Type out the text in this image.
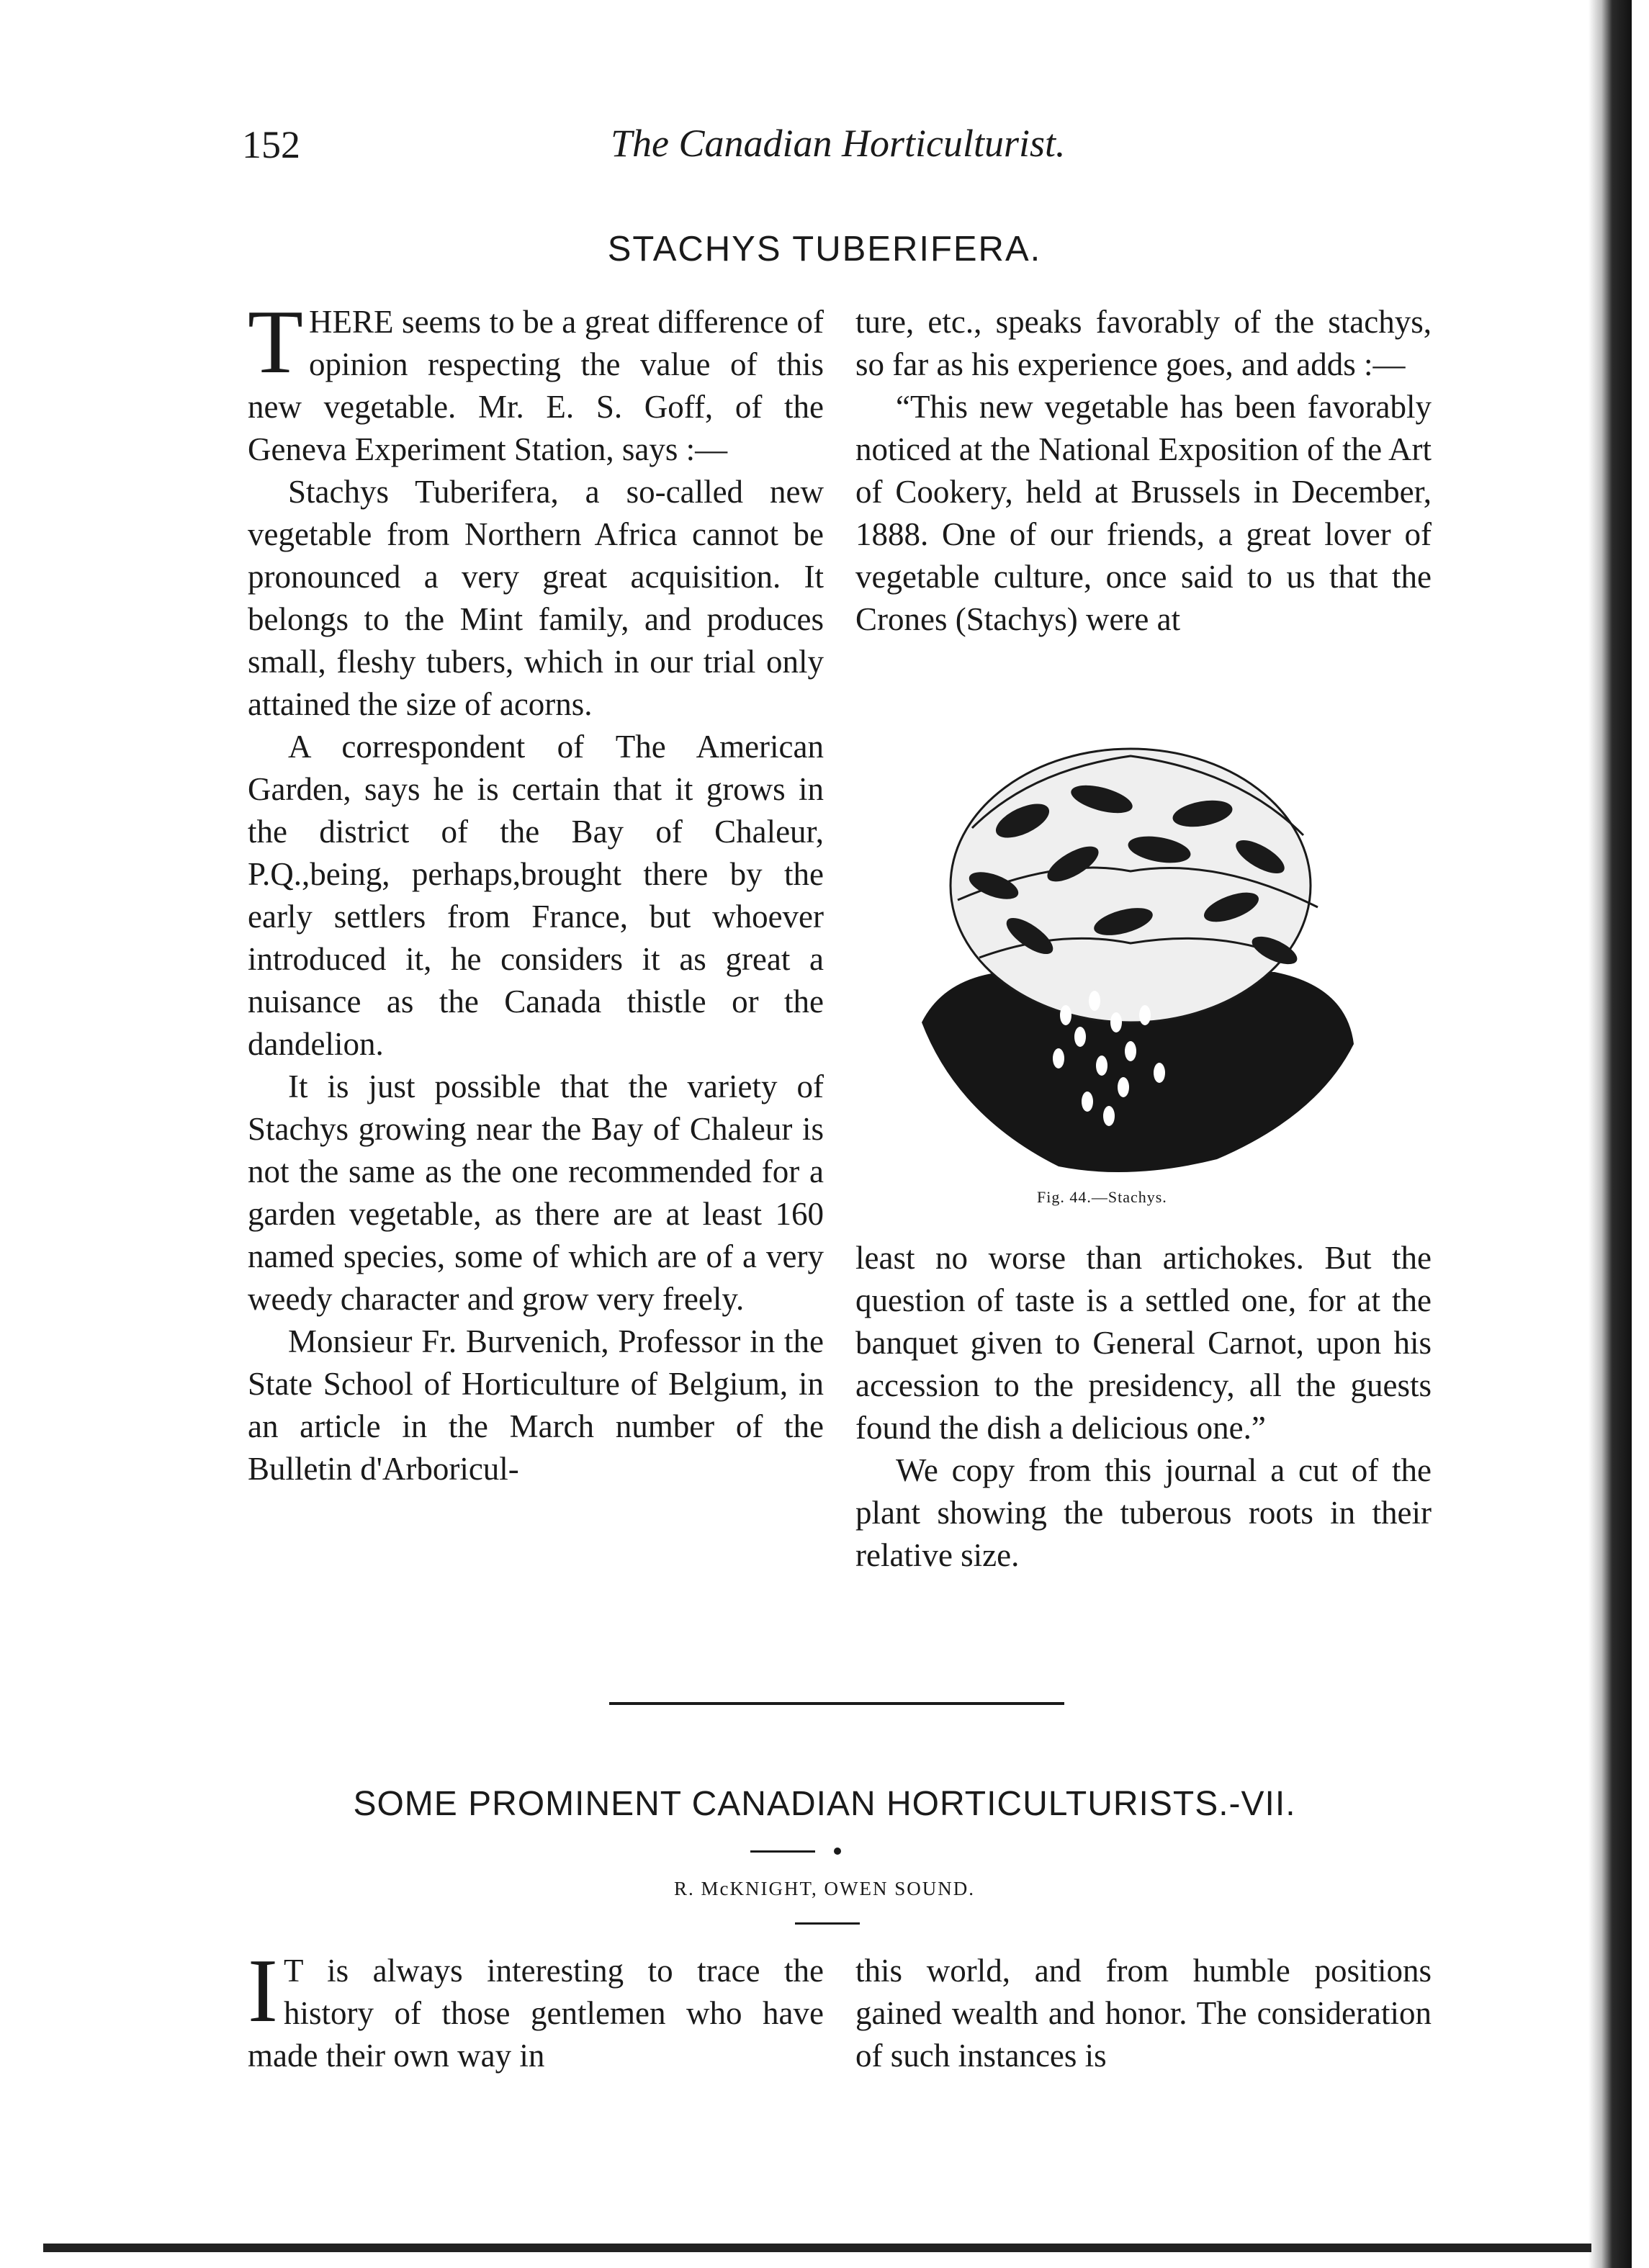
152	The Canadian Horticulturist.
STACHYS TUBERIFERA.

THERE seems to be a great difference of opinion respecting the value of this new vegetable. Mr. E. S. Goff, of the Geneva Experiment Station, says :—

Stachys Tuberifera, a so-called new vegetable from Northern Africa cannot be pronounced a very great acquisition. It belongs to the Mint family, and produces small, fleshy tubers, which in our trial only attained the size of acorns.

A correspondent of The American Garden, says he is certain that it grows in the district of the Bay of Chaleur, P.Q.,being, perhaps,brought there by the early settlers from France, but whoever introduced it, he considers it as great a nuisance as the Canada thistle or the dandelion.

It is just possible that the variety of Stachys growing near the Bay of Chaleur is not the same as the one recommended for a garden vegetable, as there are at least 160 named species, some of which are of a very weedy character and grow very freely.

Monsieur Fr. Burvenich, Professor in the State School of Horticulture of Belgium, in an article in the March number of the Bulletin d'Arboricul-

ture, etc., speaks favorably of the stachys, so far as his experience goes, and adds :—

“This new vegetable has been favorably noticed at the National Exposition of the Art of Cookery, held at Brussels in December, 1888. One of our friends, a great lover of vegetable culture, once said to us that the Crones (Stachys) were at

Fig. 44.—Stachys.

least no worse than artichokes. But the question of taste is a settled one, for at the banquet given to General Carnot, upon his accession to the presidency, all the guests found the dish a delicious one.”

We copy from this journal a cut of the plant showing the tuberous roots in their relative size.

SOME PROMINENT CANADIAN HORTICULTURISTS.-VII.
R. McKNIGHT, OWEN SOUND.

I T is always interesting to trace the history of those gentlemen who have made their own way in

this world, and from humble positions gained wealth and honor. The consideration of such instances is
